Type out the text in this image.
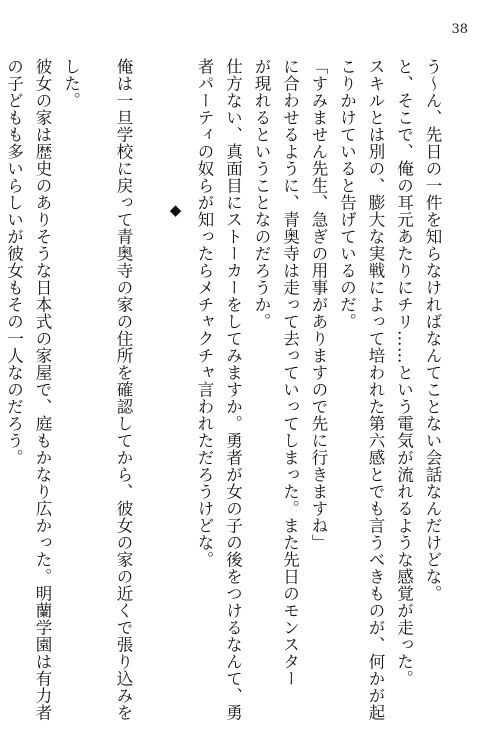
38

う〜ん、先日の一件を知らなければなんてことない会話なんだけどな。

と、そこで、俺の耳元あたりにチリ……という電気が流れるような感覚が走った。

スキルとは別の、膨大な実戦によって培われた第六感とでも言うべきものが、何かが起

こりかけていると告げているのだ。

「すみません先生、急ぎの用事がありますので先に行きますね」

に合わせるように、青奥寺は走って去っていってしまった。また先日のモンスター

が現れるということなのだろうか。

仕方ない、真面目にストーカーをしてみますか。勇者が女の子の後をつけるなんて、勇

者パーティの奴らが知ったらメチャクチャ言われただろうけどな。

◆

俺は一旦学校に戻って青奥寺の家の住所を確認してから、彼女の家の近くで張り込みを

した。

彼女の家は歴史のありそうな日本式の家屋で、庭もかなり広かった。明蘭学園は有力者

の子どもも多いらしいが彼女もその一人なのだろう。
